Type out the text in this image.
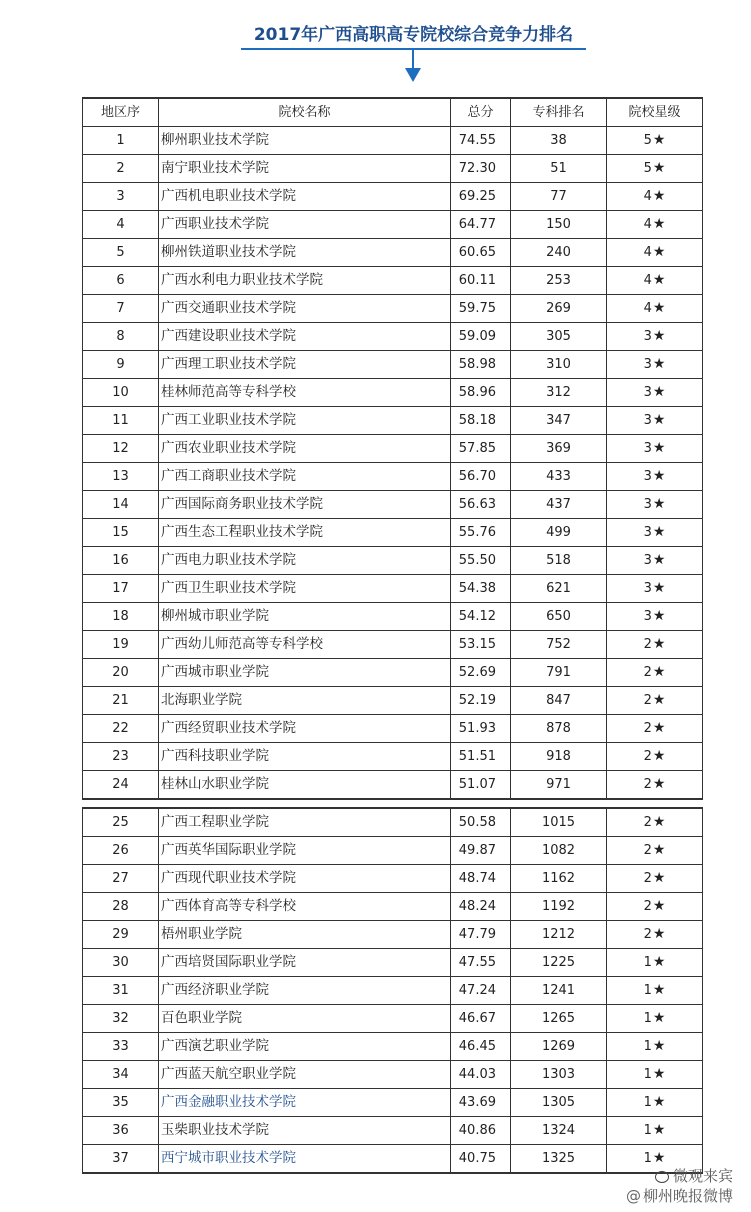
2017年广西高职高专院校综合竞争力排名
地区序	院校名称	总分	专科排名	院校星级
1	柳州职业技术学院	74.55	38	5★
2	南宁职业技术学院	72.30	51	5★
3	广西机电职业技术学院	69.25	77	4★
4	广西职业技术学院	64.77	150	4★
5	柳州铁道职业技术学院	60.65	240	4★
6	广西水利电力职业技术学院	60.11	253	4★
7	广西交通职业技术学院	59.75	269	4★
8	广西建设职业技术学院	59.09	305	3★
9	广西理工职业技术学院	58.98	310	3★
10	桂林师范高等专科学校	58.96	312	3★
11	广西工业职业技术学院	58.18	347	3★
12	广西农业职业技术学院	57.85	369	3★
13	广西工商职业技术学院	56.70	433	3★
14	广西国际商务职业技术学院	56.63	437	3★
15	广西生态工程职业技术学院	55.76	499	3★
16	广西电力职业技术学院	55.50	518	3★
17	广西卫生职业技术学院	54.38	621	3★
18	柳州城市职业学院	54.12	650	3★
19	广西幼儿师范高等专科学校	53.15	752	2★
20	广西城市职业学院	52.69	791	2★
21	北海职业学院	52.19	847	2★
22	广西经贸职业技术学院	51.93	878	2★
23	广西科技职业学院	51.51	918	2★
24	桂林山水职业学院	51.07	971	2★
25	广西工程职业学院	50.58	1015	2★
26	广西英华国际职业学院	49.87	1082	2★
27	广西现代职业技术学院	48.74	1162	2★
28	广西体育高等专科学校	48.24	1192	2★
29	梧州职业学院	47.79	1212	2★
30	广西培贤国际职业学院	47.55	1225	1★
31	广西经济职业学院	47.24	1241	1★
32	百色职业学院	46.67	1265	1★
33	广西演艺职业学院	46.45	1269	1★
34	广西蓝天航空职业学院	44.03	1303	1★
35	广西金融职业技术学院	43.69	1305	1★
36	玉柴职业技术学院	40.86	1324	1★
37	西宁城市职业技术学院	40.75	1325	1★
微观来宾
@ 柳州晚报微博
